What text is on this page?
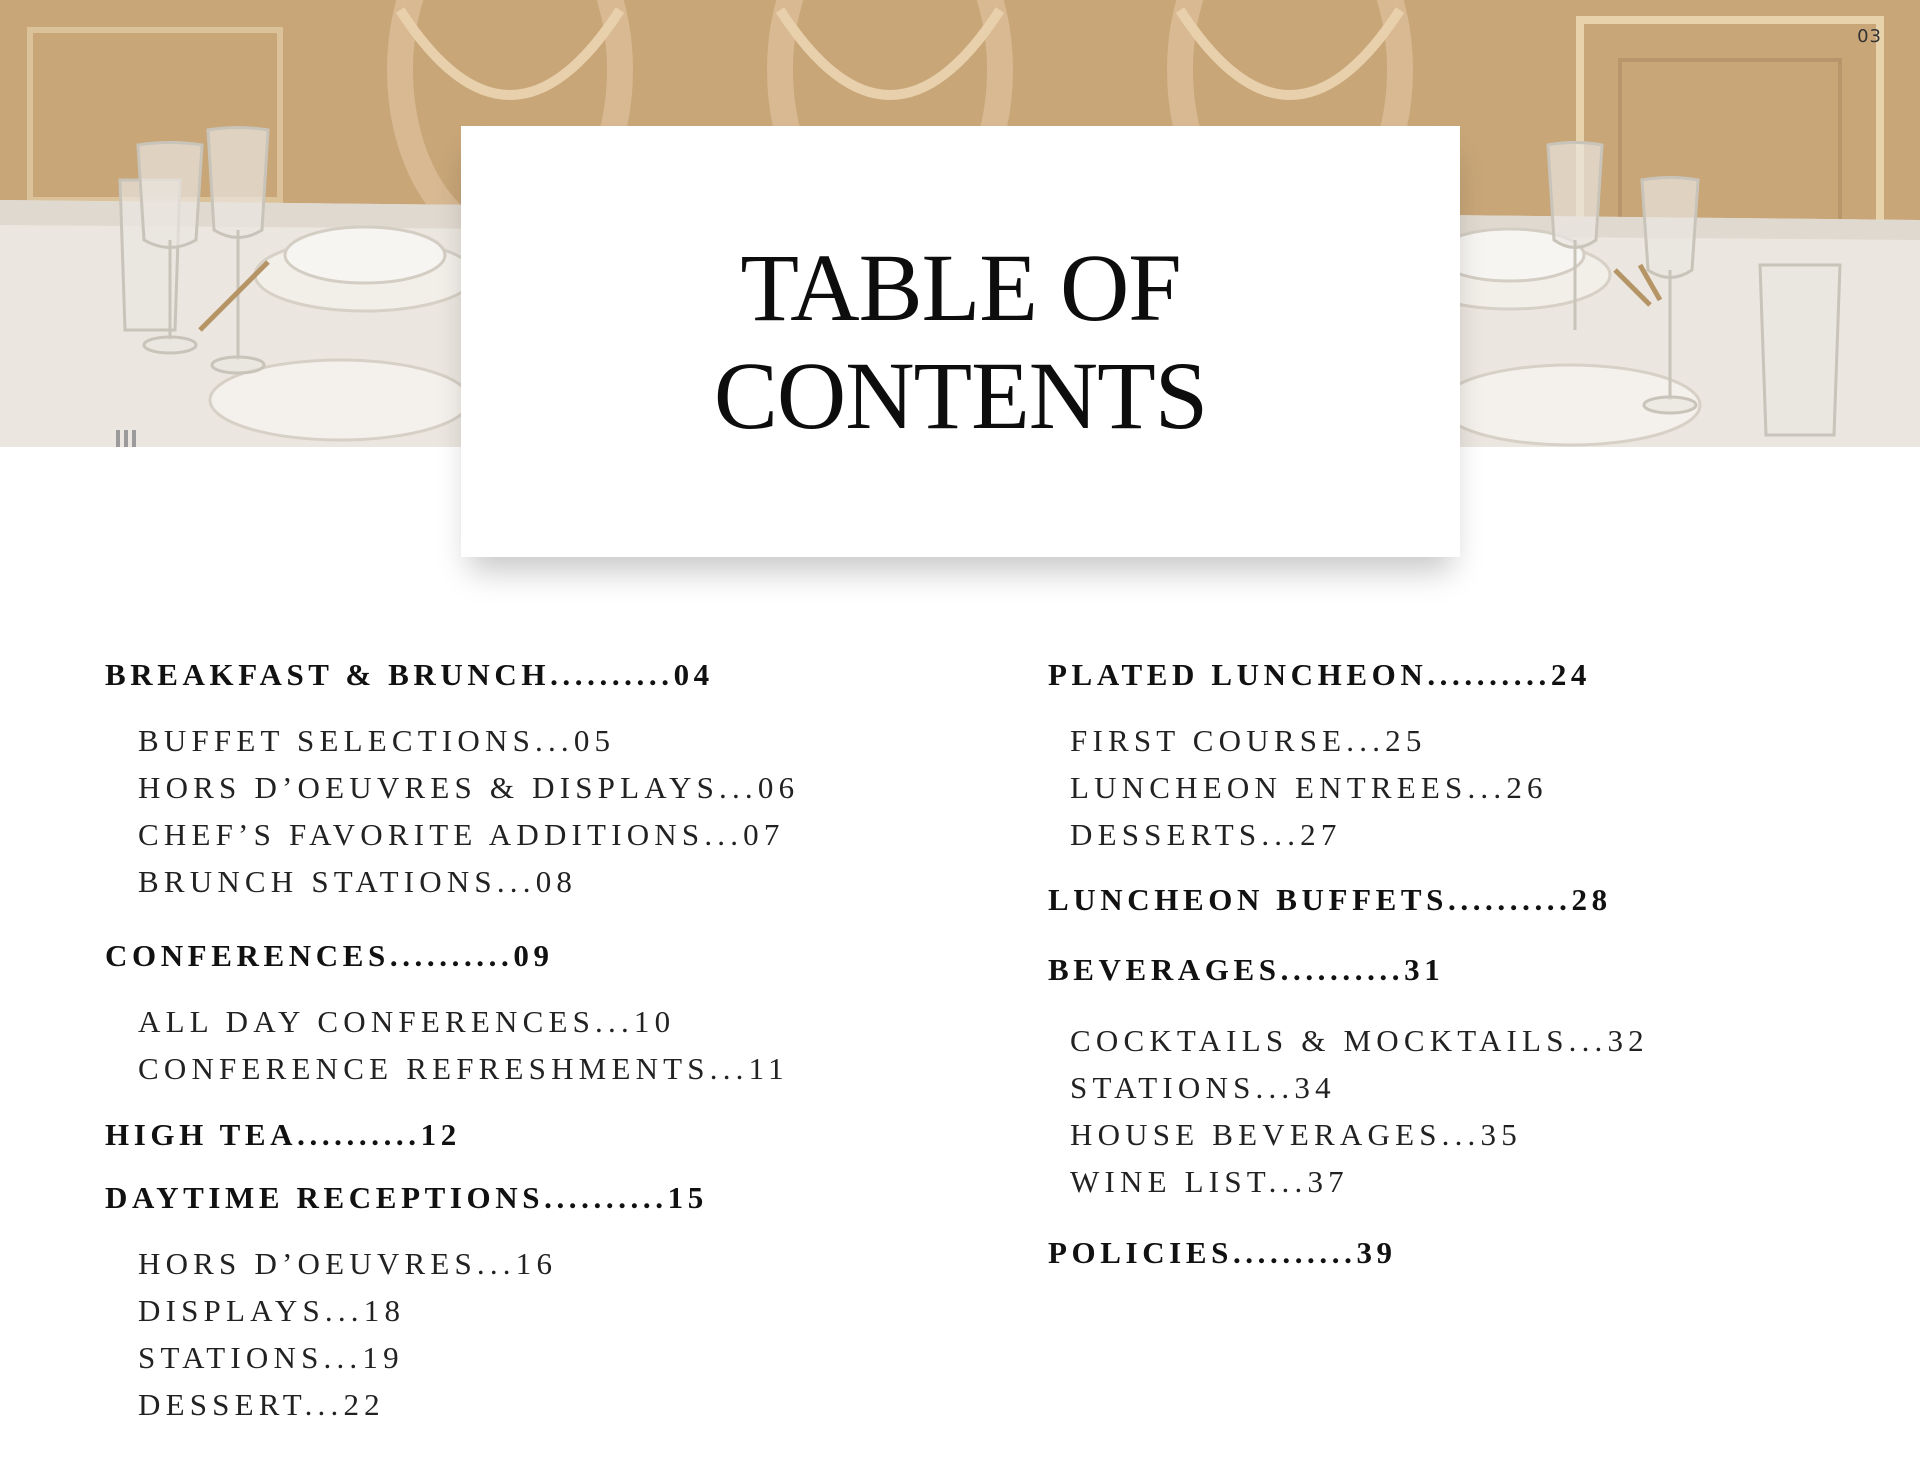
03
TABLE OF
CONTENTS
BREAKFAST & BRUNCH..........04
BUFFET SELECTIONS...05
HORS D’OEUVRES & DISPLAYS...06
CHEF’S FAVORITE ADDITIONS...07
BRUNCH STATIONS...08
CONFERENCES..........09
ALL DAY CONFERENCES...10
CONFERENCE REFRESHMENTS...11
HIGH TEA..........12
DAYTIME RECEPTIONS..........15
HORS D’OEUVRES...16
DISPLAYS...18
STATIONS...19
DESSERT...22
PLATED LUNCHEON..........24
FIRST COURSE...25
LUNCHEON ENTREES...26
DESSERTS...27
LUNCHEON BUFFETS..........28
BEVERAGES..........31
COCKTAILS & MOCKTAILS...32
STATIONS...34
HOUSE BEVERAGES...35
WINE LIST...37
POLICIES..........39
